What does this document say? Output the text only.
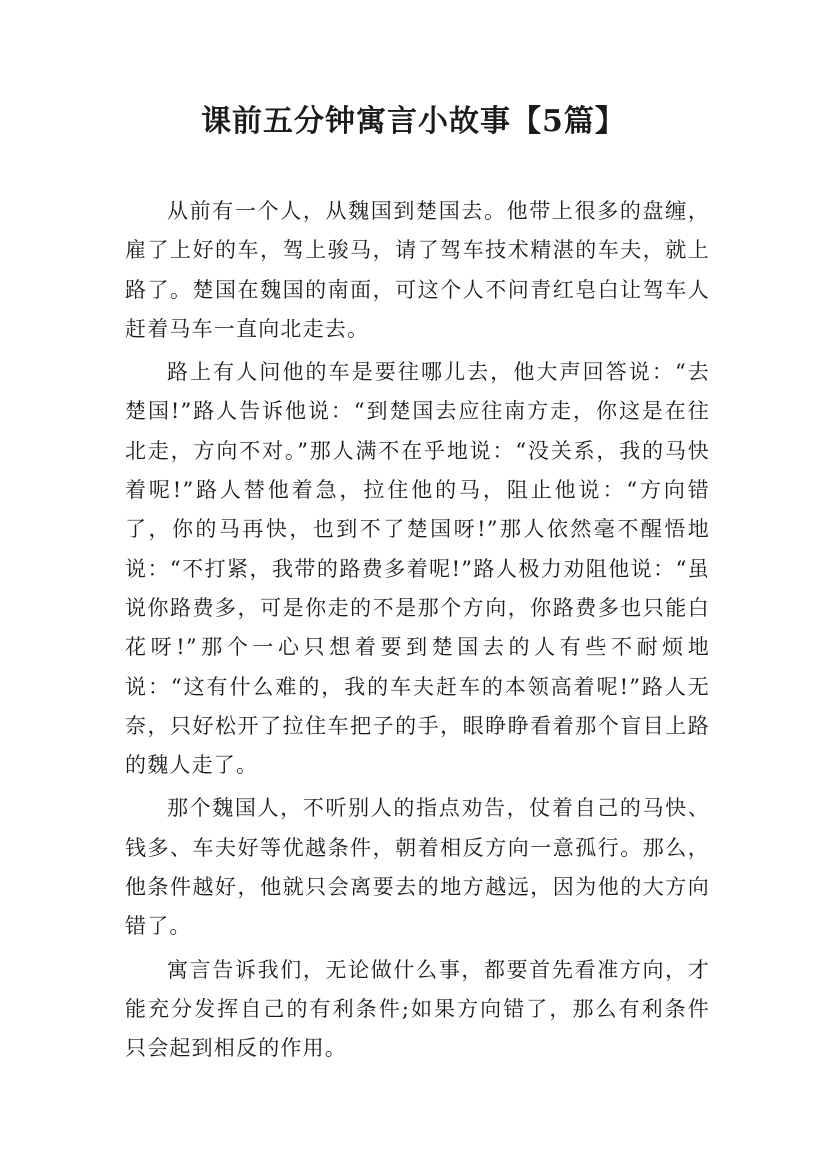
课前五分钟寓言小故事【5篇】

从前有一个人，从魏国到楚国去。他带上很多的盘缠，雇了上好的车，驾上骏马，请了驾车技术精湛的车夫，就上路了。楚国在魏国的南面，可这个人不问青红皂白让驾车人赶着马车一直向北走去。

路上有人问他的车是要往哪儿去，他大声回答说：“去楚国!”路人告诉他说：“到楚国去应往南方走，你这是在往北走，方向不对。”那人满不在乎地说：“没关系，我的马快着呢!”路人替他着急，拉住他的马，阻止他说：“方向错了，你的马再快，也到不了楚国呀!”那人依然毫不醒悟地说：“不打紧，我带的路费多着呢!”路人极力劝阻他说：“虽说你路费多，可是你走的不是那个方向，你路费多也只能白花呀!”那个一心只想着要到楚国去的人有些不耐烦地说：“这有什么难的，我的车夫赶车的本领高着呢!”路人无奈，只好松开了拉住车把子的手，眼睁睁看着那个盲目上路的魏人走了。

那个魏国人，不听别人的指点劝告，仗着自己的马快、钱多、车夫好等优越条件，朝着相反方向一意孤行。那么，他条件越好，他就只会离要去的地方越远，因为他的大方向错了。

寓言告诉我们，无论做什么事，都要首先看准方向，才能充分发挥自己的有利条件;如果方向错了，那么有利条件只会起到相反的作用。
